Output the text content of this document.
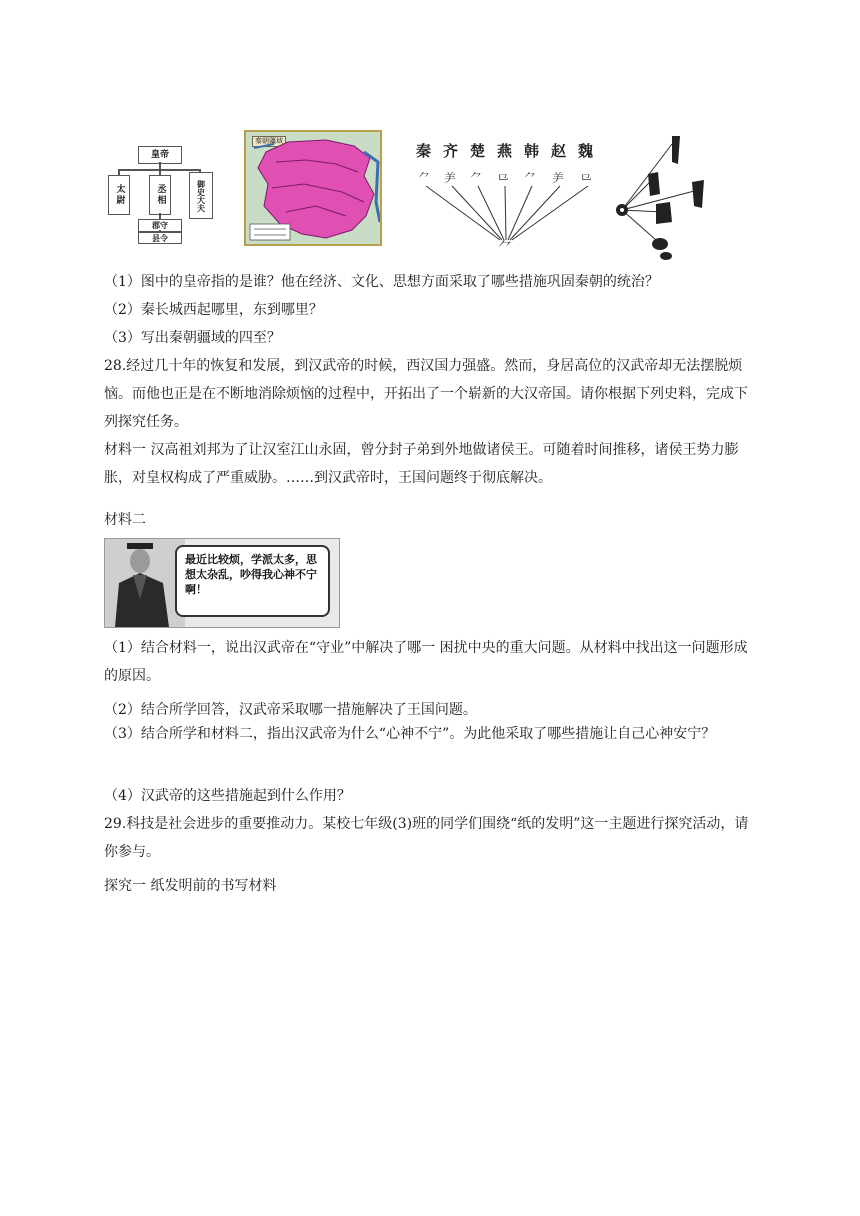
皇帝
太尉	丞相	御史大夫
郡守
县令
秦朝疆域
⺈ ⺶ ⺈ ⺋ ⺈ ⺶ ⺋
⺈
秦 齐 楚 燕 韩 赵 魏
（1）图中的皇帝指的是谁？他在经济、文化、思想方面采取了哪些措施巩固秦朝的统治？
（2）秦长城西起哪里，东到哪里？
（3）写出秦朝疆域的四至？
28.经过几十年的恢复和发展，到汉武帝的时候，西汉国力强盛。然而，身居高位的汉武帝却无法摆脱烦恼。而他也正是在不断地消除烦恼的过程中，开拓出了一个崭新的大汉帝国。请你根据下列史料，完成下列探究任务。
材料一 汉高祖刘邦为了让汉室江山永固，曾分封子弟到外地做诸侯王。可随着时间推移，诸侯王势力膨胀，对皇权构成了严重威胁。……到汉武帝时，王国问题终于彻底解决。
材料二
最近比较烦，学派太多，思想太杂乱，吵得我心神不宁啊！
（1）结合材料一，说出汉武帝在“守业”中解决了哪一 困扰中央的重大问题。从材料中找出这一问题形成的原因。
（2）结合所学回答，汉武帝采取哪一措施解决了王国问题。
（3）结合所学和材料二，指出汉武帝为什么“心神不宁”。为此他采取了哪些措施让自己心神安宁？
（4）汉武帝的这些措施起到什么作用？
29.科技是社会进步的重要推动力。某校七年级(3)班的同学们围绕“纸的发明”这一主题进行探究活动，请你参与。
探究一 纸发明前的书写材料
